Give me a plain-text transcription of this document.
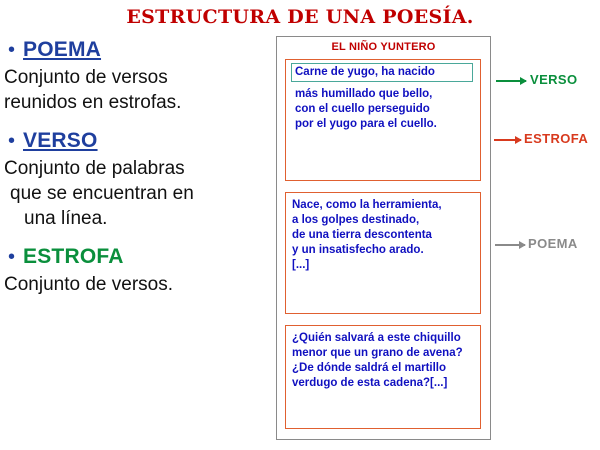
ESTRUCTURA DE UNA POESÍA.
• POEMA
Conjunto de versos
reunidos en estrofas.
• VERSO
Conjunto de palabras
que se encuentran en
una línea.
• ESTROFA
Conjunto de versos.
EL NIÑO YUNTERO
Carne de yugo, ha nacido
más humillado que bello,
con el cuello perseguido
por el yugo para el cuello.
Nace, como la herramienta,
a los golpes destinado,
de una tierra descontenta
y un insatisfecho arado.
[...]
¿Quién salvará a este chiquillo
menor que un grano de avena?
¿De dónde saldrá el martillo
verdugo de esta cadena?[...]
VERSO
ESTROFA
POEMA
